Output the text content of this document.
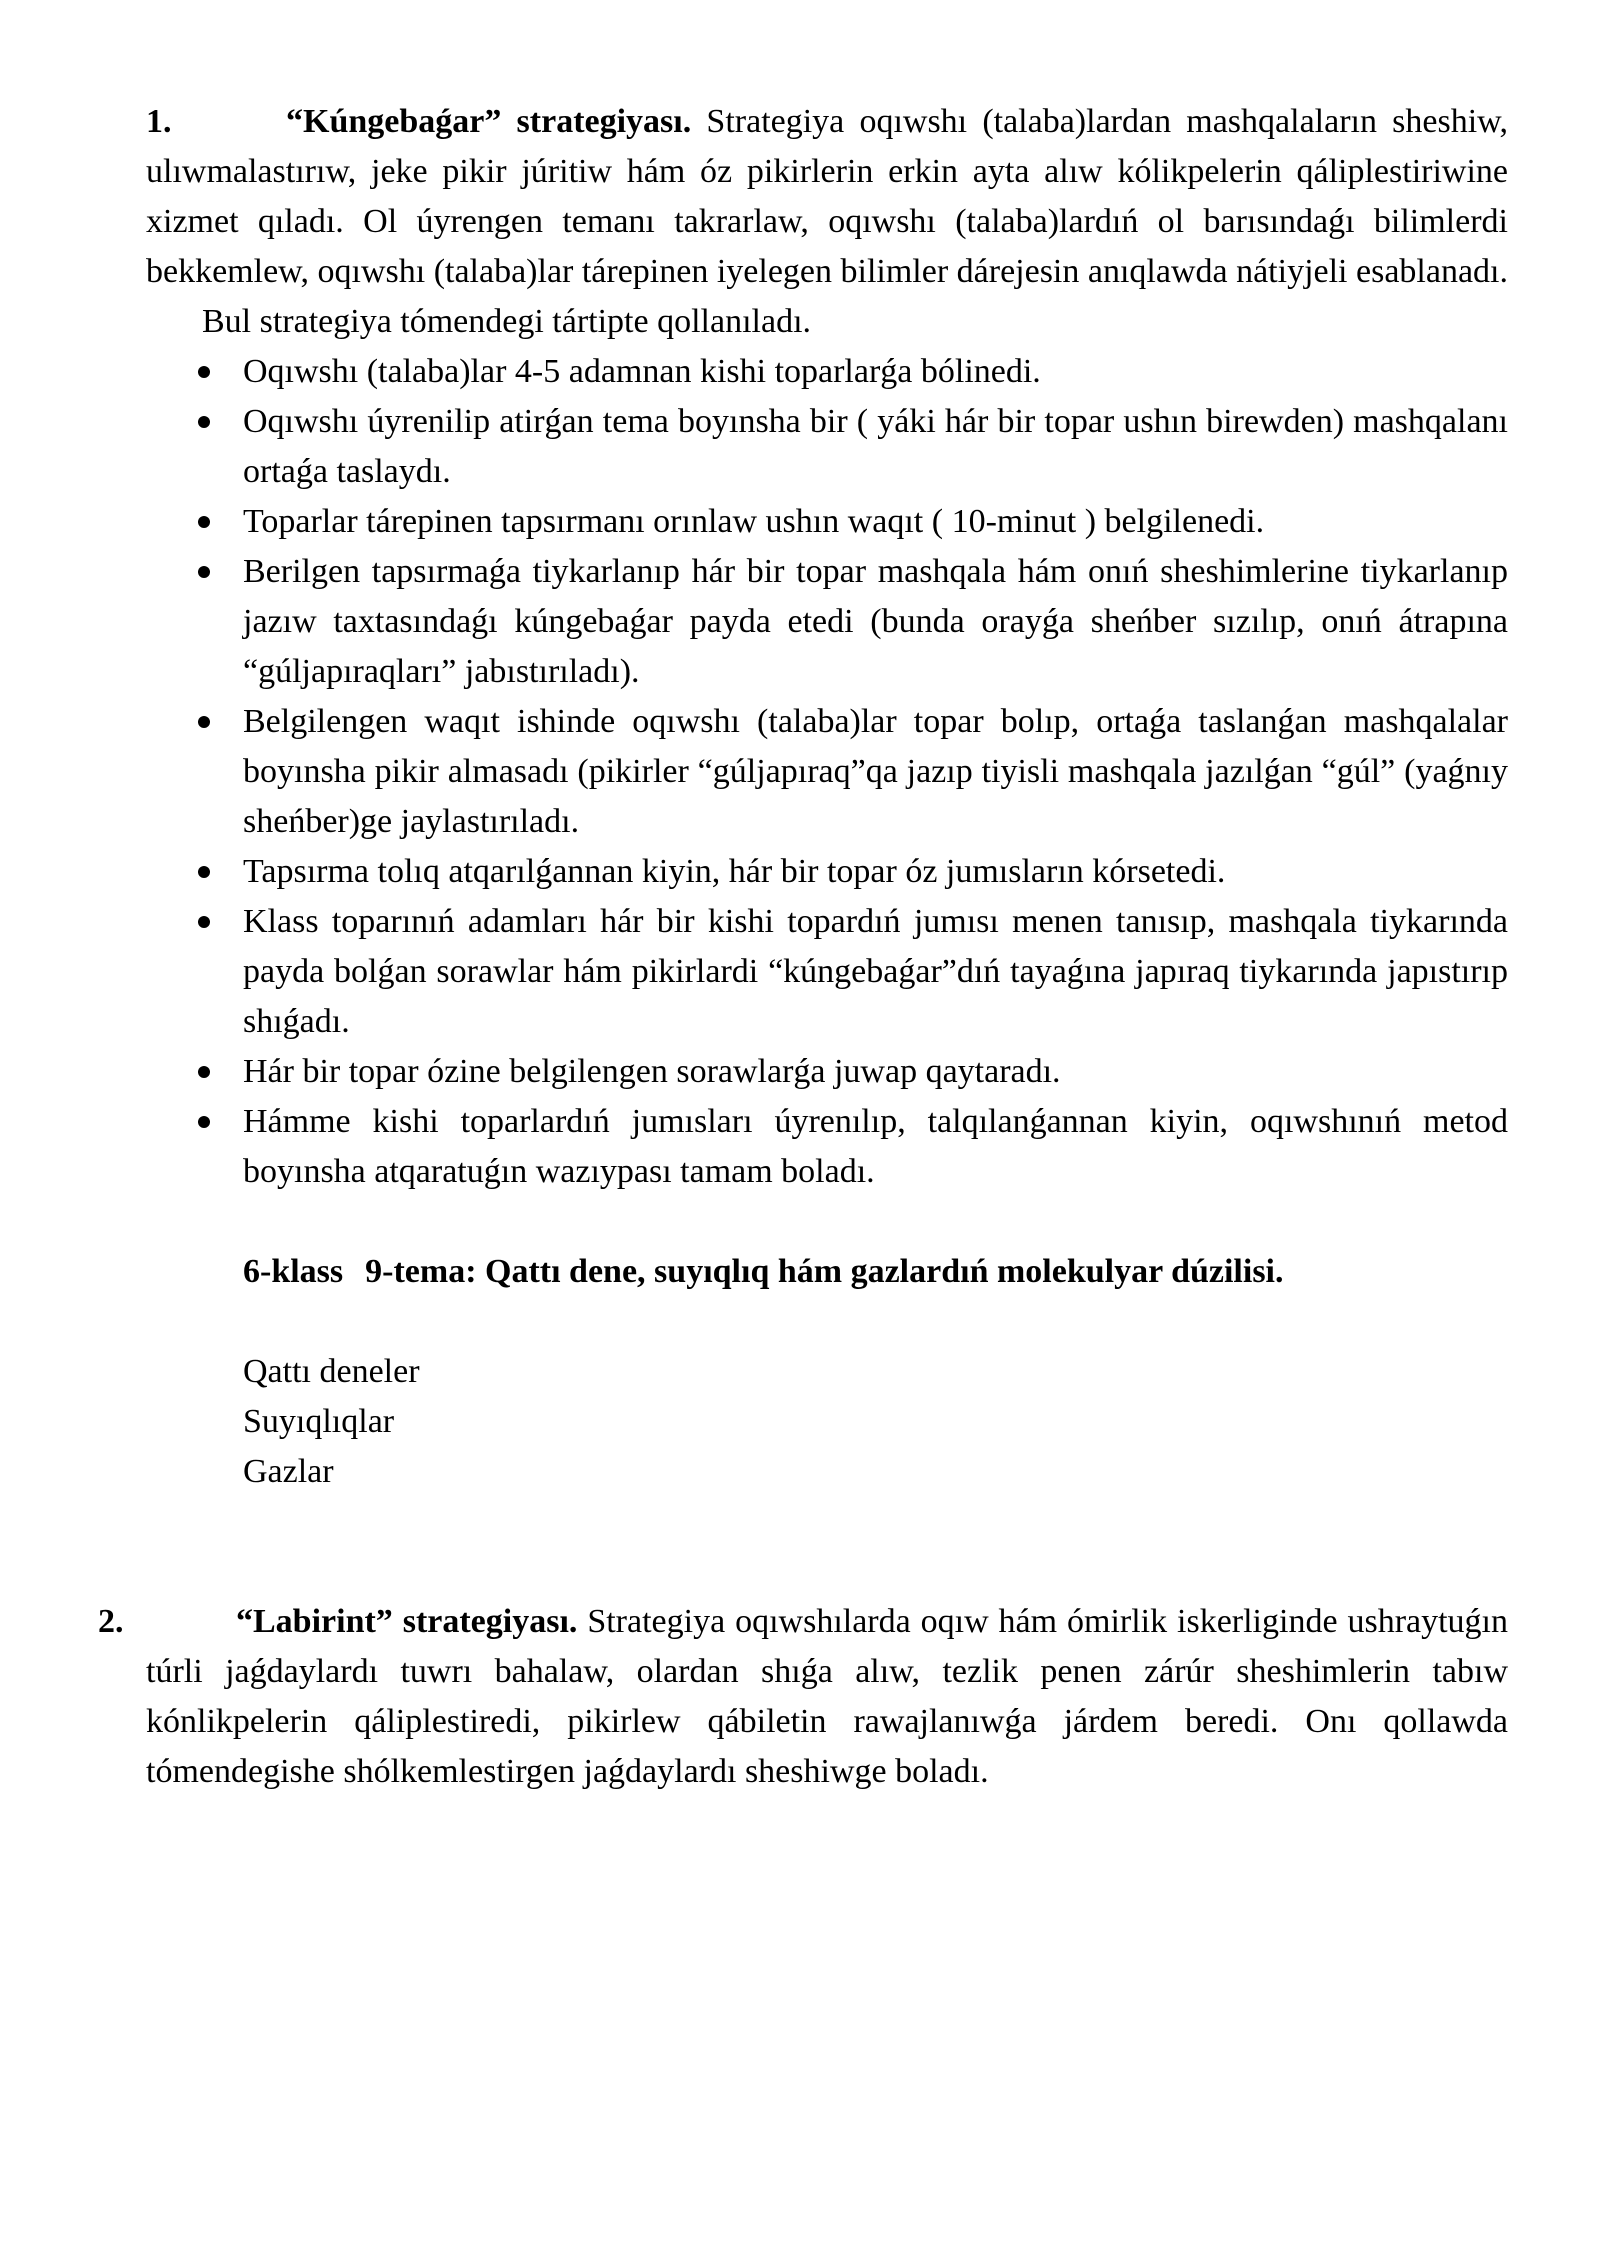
1.	“Kúngebaǵar” strategiyası. Strategiya oqıwshı (talaba)lardan mashqalaların sheshiw, ulıwmalastırıw, jeke pikir júritiw hám óz pikirlerin erkin ayta alıw kólikpelerin qáliplestiriwine xizmet qıladı. Ol úyrengen temanı takrarlaw, oqıwshı (talaba)lardıń ol barısındaǵı bilimlerdi bekkemlew, oqıwshı (talaba)lar tárepinen iyelegen bilimler dárejesin anıqlawda nátiyjeli esablanadı.
Bul strategiya tómendegi tártipte qollanıladı.
Oqıwshı (talaba)lar 4-5 adamnan kishi toparlarǵa bólinedi.
Oqıwshı úyrenilip atirǵan tema boyınsha bir ( yáki hár bir topar ushın birewden) mashqalanı ortaǵa taslaydı.
Toparlar tárepinen tapsırmanı orınlaw ushın waqıt ( 10-minut ) belgilenedi.
Berilgen tapsırmaǵa tiykarlanıp hár bir topar mashqala hám onıń sheshimlerine tiykarlanıp jazıw taxtasındaǵı kúngebaǵar payda etedi (bunda orayǵa sheńber sızılıp, onıń átrapına “gúljapıraqları” jabıstırıladı).
Belgilengen waqıt ishinde oqıwshı (talaba)lar topar bolıp, ortaǵa taslanǵan mashqalalar boyınsha pikir almasadı (pikirler “gúljapıraq”qa jazıp tiyisli mashqala jazılǵan “gúl” (yaǵnıy sheńber)ge jaylastırıladı.
Tapsırma tolıq atqarılǵannan kiyin, hár bir topar óz jumısların kórsetedi.
Klass toparınıń adamları hár bir kishi topardıń jumısı menen tanısıp, mashqala tiykarında payda bolǵan sorawlar hám pikirlardi “kúngebaǵar”dıń tayaǵına japıraq tiykarında japıstırıp shıǵadı.
Hár bir topar ózine belgilengen sorawlarǵa juwap qaytaradı.
Hámme kishi toparlardıń jumısları úyrenılıp, talqılanǵannan kiyin, oqıwshınıń metod boyınsha atqaratuǵın wazıypası tamam boladı.
6-klass 9-tema: Qattı dene, suyıqlıq hám gazlardıń molekulyar dúzilisi.
Qattı deneler
Suyıqlıqlar
Gazlar
2.	“Labirint” strategiyası. Strategiya oqıwshılarda oqıw hám ómirlik iskerliginde ushraytuǵın túrli jaǵdaylardı tuwrı bahalaw, olardan shıǵa alıw, tezlik penen zárúr sheshimlerin tabıw kónlikpelerin qáliplestiredi, pikirlew qábiletin rawajlanıwǵa járdem beredi. Onı qollawda tómendegishe shólkemlestirgen jaǵdaylardı sheshiwge boladı.
